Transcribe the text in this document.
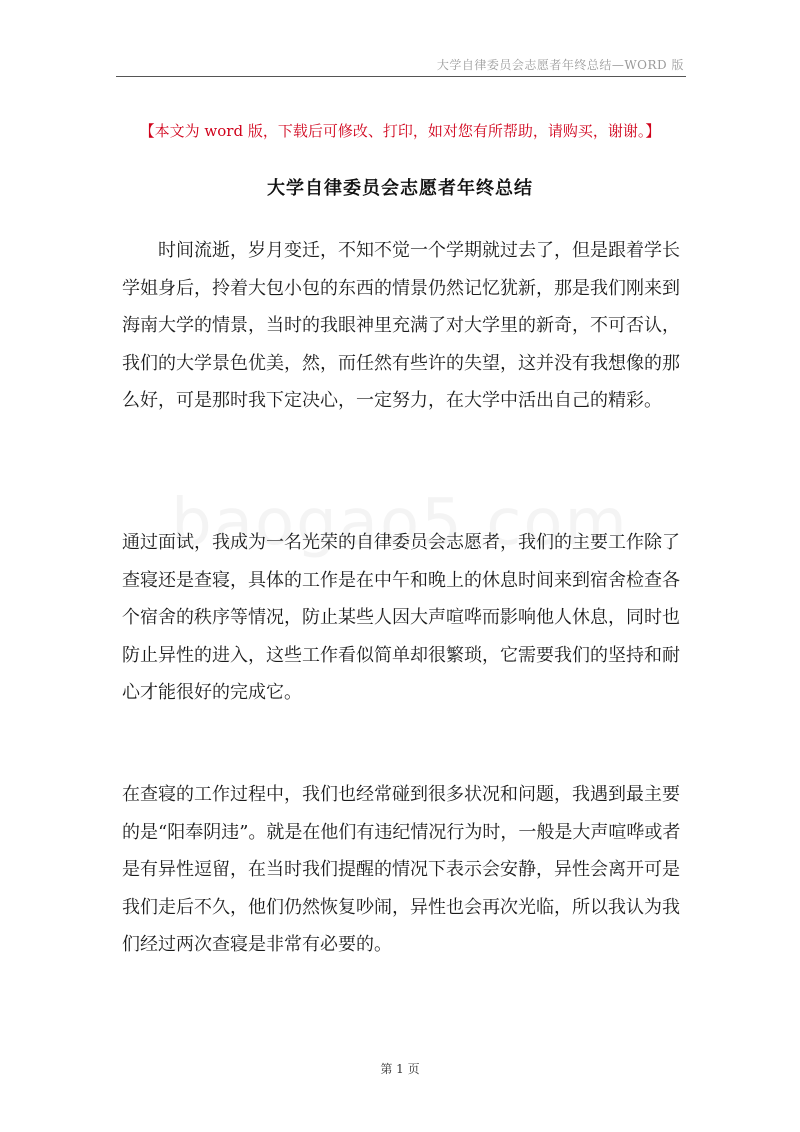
大学自律委员会志愿者年终总结—WORD 版
【本文为 word 版，下载后可修改、打印，如对您有所帮助，请购买，谢谢。】
大学自律委员会志愿者年终总结

时间流逝，岁月变迁，不知不觉一个学期就过去了，但是跟着学长学姐身后，拎着大包小包的东西的情景仍然记忆犹新，那是我们刚来到海南大学的情景，当时的我眼神里充满了对大学里的新奇，不可否认，我们的大学景色优美，然，而任然有些许的失望，这并没有我想像的那么好，可是那时我下定决心，一定努力，在大学中活出自己的精彩。

通过面试，我成为一名光荣的自律委员会志愿者，我们的主要工作除了查寝还是查寝，具体的工作是在中午和晚上的休息时间来到宿舍检查各个宿舍的秩序等情况，防止某些人因大声喧哗而影响他人休息，同时也防止异性的进入，这些工作看似简单却很繁琐，它需要我们的坚持和耐心才能很好的完成它。

在查寝的工作过程中，我们也经常碰到很多状况和问题，我遇到最主要的是“阳奉阴违”。就是在他们有违纪情况行为时，一般是大声喧哗或者是有异性逗留，在当时我们提醒的情况下表示会安静，异性会离开可是我们走后不久，他们仍然恢复吵闹，异性也会再次光临，所以我认为我们经过两次查寝是非常有必要的。

第 1 页
